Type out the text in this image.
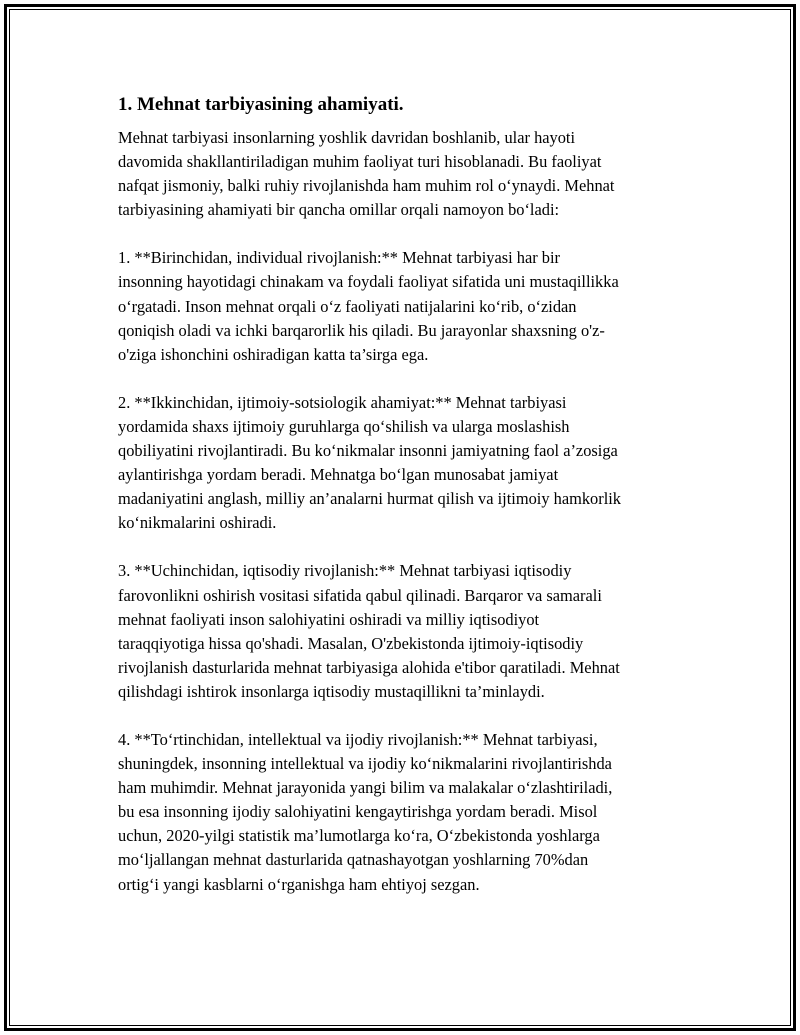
1. Mehnat tarbiyasining ahamiyati.

Mehnat tarbiyasi insonlarning yoshlik davridan boshlanib, ular hayoti
davomida shakllantiriladigan muhim faoliyat turi hisoblanadi. Bu faoliyat
nafqat jismoniy, balki ruhiy rivojlanishda ham muhim rol o‘ynaydi. Mehnat
tarbiyasining ahamiyati bir qancha omillar orqali namoyon bo‘ladi:

1. **Birinchidan, individual rivojlanish:** Mehnat tarbiyasi har bir
insonning hayotidagi chinakam va foydali faoliyat sifatida uni mustaqillikka
o‘rgatadi. Inson mehnat orqali o‘z faoliyati natijalarini ko‘rib, o‘zidan
qoniqish oladi va ichki barqarorlik his qiladi. Bu jarayonlar shaxsning o'z-
o'ziga ishonchini oshiradigan katta ta’sirga ega.

2. **Ikkinchidan, ijtimoiy-sotsiologik ahamiyat:** Mehnat tarbiyasi
yordamida shaxs ijtimoiy guruhlarga qo‘shilish va ularga moslashish
qobiliyatini rivojlantiradi. Bu ko‘nikmalar insonni jamiyatning faol a’zosiga
aylantirishga yordam beradi. Mehnatga bo‘lgan munosabat jamiyat
madaniyatini anglash, milliy an’analarni hurmat qilish va ijtimoiy hamkorlik
ko‘nikmalarini oshiradi.

3. **Uchinchidan, iqtisodiy rivojlanish:** Mehnat tarbiyasi iqtisodiy
farovonlikni oshirish vositasi sifatida qabul qilinadi. Barqaror va samarali
mehnat faoliyati inson salohiyatini oshiradi va milliy iqtisodiyot
taraqqiyotiga hissa qo'shadi. Masalan, O'zbekistonda ijtimoiy-iqtisodiy
rivojlanish dasturlarida mehnat tarbiyasiga alohida e'tibor qaratiladi. Mehnat
qilishdagi ishtirok insonlarga iqtisodiy mustaqillikni ta’minlaydi.

4. **To‘rtinchidan, intellektual va ijodiy rivojlanish:** Mehnat tarbiyasi,
shuningdek, insonning intellektual va ijodiy ko‘nikmalarini rivojlantirishda
ham muhimdir. Mehnat jarayonida yangi bilim va malakalar o‘zlashtiriladi,
bu esa insonning ijodiy salohiyatini kengaytirishga yordam beradi. Misol
uchun, 2020-yilgi statistik ma’lumotlarga ko‘ra, O‘zbekistonda yoshlarga
mo‘ljallangan mehnat dasturlarida qatnashayotgan yoshlarning 70%dan
ortig‘i yangi kasblarni o‘rganishga ham ehtiyoj sezgan.
